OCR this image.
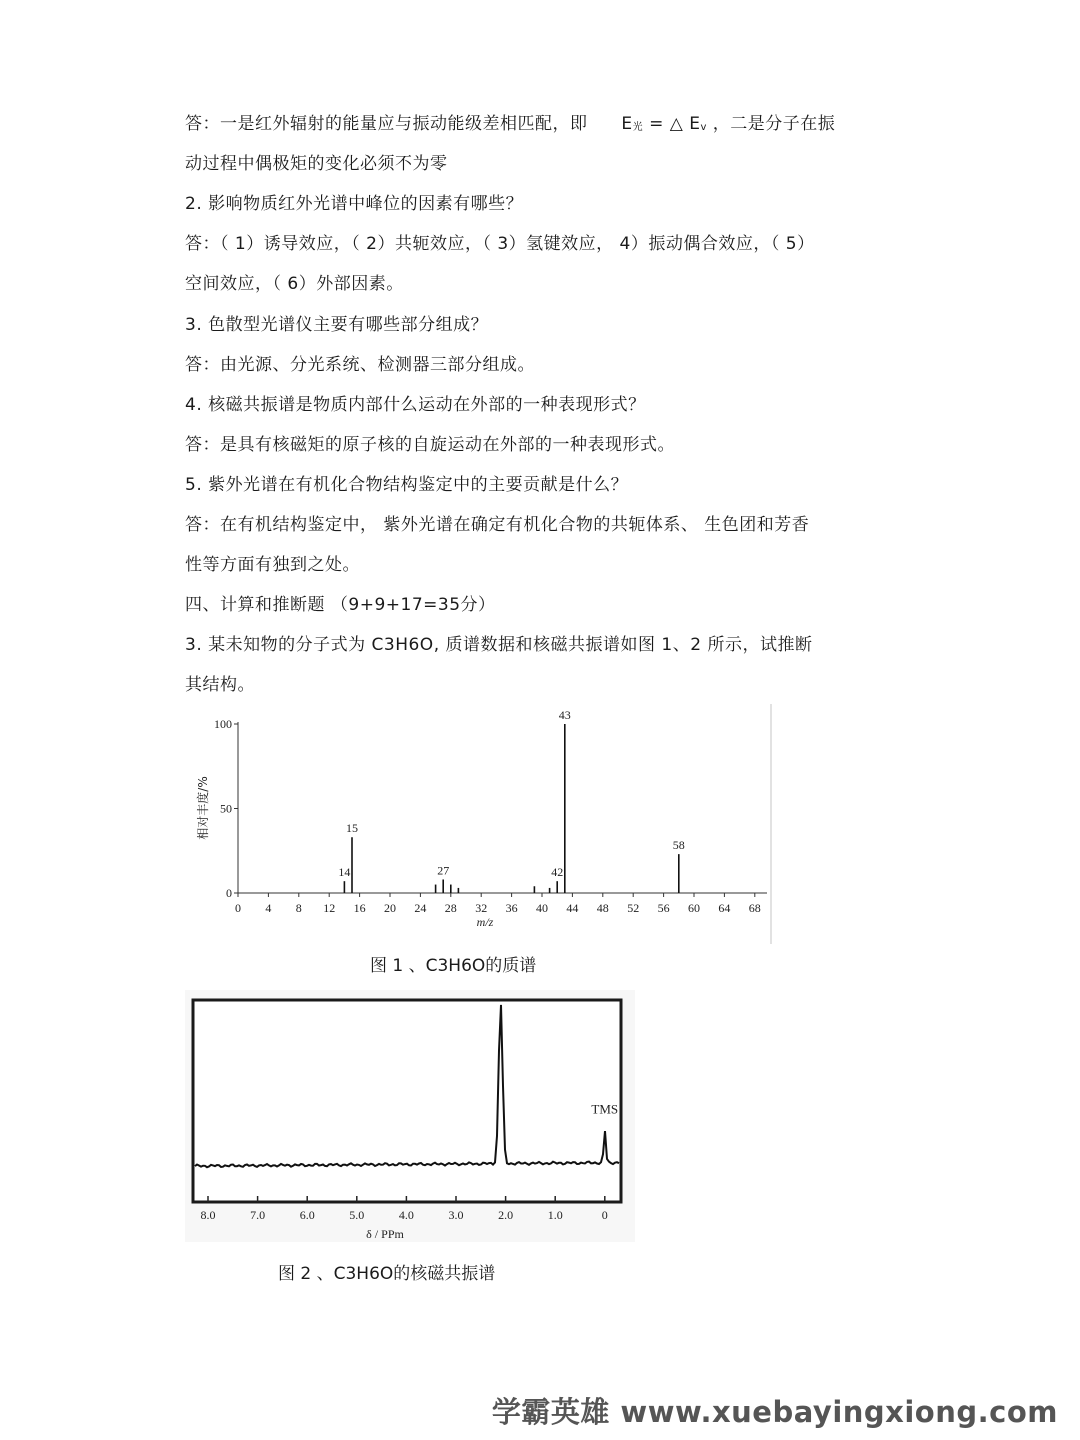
答：一是红外辐射的能量应与振动能级差相匹配，即 E光 = △ Ev ，二是分子在振
动过程中偶极矩的变化必须不为零
2. 影响物质红外光谱中峰位的因素有哪些？
答：（ 1）诱导效应，（ 2）共轭效应，（ 3）氢键效应， 4）振动偶合效应，（ 5）
空间效应，（ 6）外部因素。
3. 色散型光谱仪主要有哪些部分组成？
答：由光源、分光系统、检测器三部分组成。
4. 核磁共振谱是物质内部什么运动在外部的一种表现形式？
答：是具有核磁矩的原子核的自旋运动在外部的一种表现形式。
5. 紫外光谱在有机化合物结构鉴定中的主要贡献是什么？
答：在有机结构鉴定中， 紫外光谱在确定有机化合物的共轭体系、 生色团和芳香
性等方面有独到之处。
四、计算和推断题 （9+9+17=35分）
3. 某未知物的分子式为 C3H6O, 质谱数据和核磁共振谱如图 1、2 所示，试推断
其结构。
0
50
100
0 4 8 12 16 20 24 28 32 36 40 44 48 52 56 60 64 68
14
15
27	42
43
58
相对丰度/%
m/z
图 1 、C3H6O的质谱
8.0	7.0	6.0	5.0	4.0	3.0	2.0	1.0	0
TMS
δ / PPm
图 2 、C3H6O的核磁共振谱
学霸英雄 www.xuebayingxiong.com
